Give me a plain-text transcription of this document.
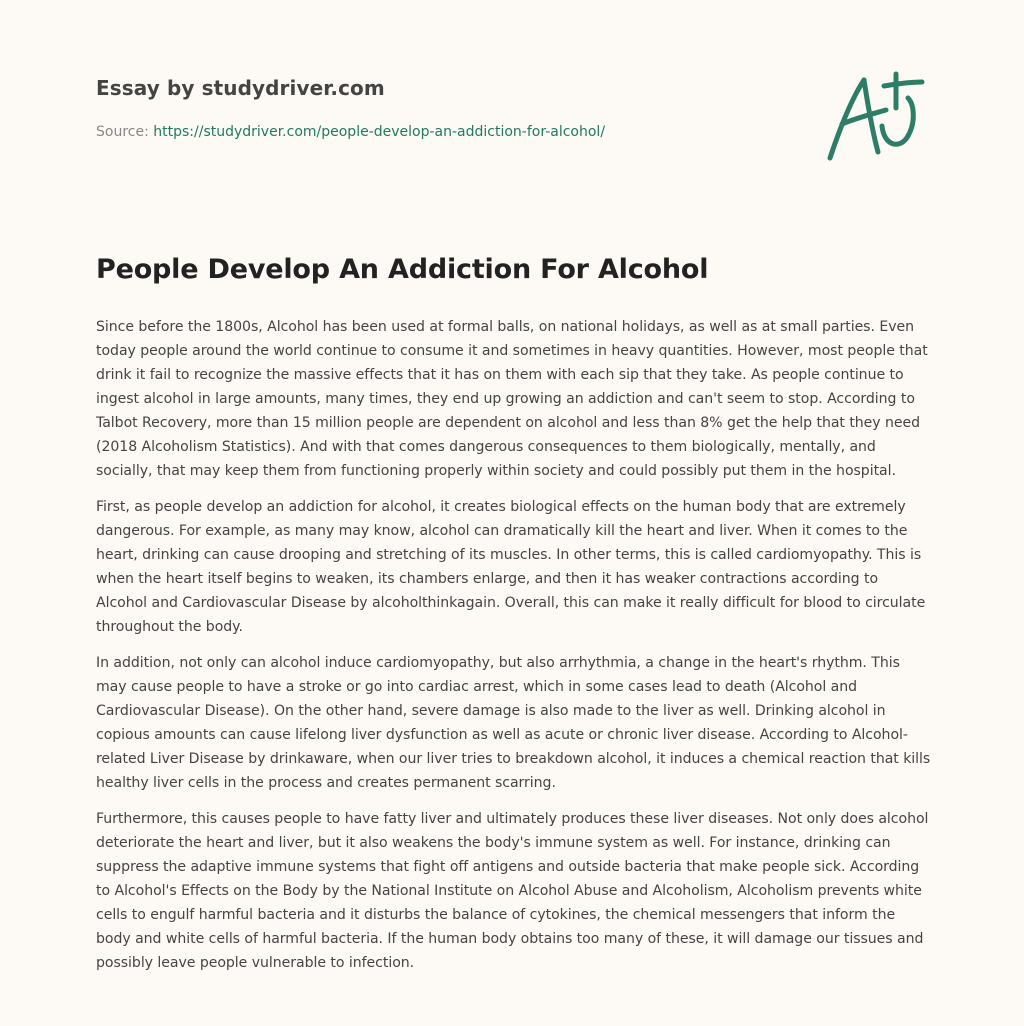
Essay by studydriver.com
Source: https://studydriver.com/people-develop-an-addiction-for-alcohol/
People Develop An Addiction For Alcohol

Since before the 1800s, Alcohol has been used at formal balls, on national holidays, as well as at small parties. Even today people around the world continue to consume it and sometimes in heavy quantities. However, most people that drink it fail to recognize the massive effects that it has on them with each sip that they take. As people continue to ingest alcohol in large amounts, many times, they end up growing an addiction and can't seem to stop. According to Talbot Recovery, more than 15 million people are dependent on alcohol and less than 8% get the help that they need (2018 Alcoholism Statistics). And with that comes dangerous consequences to them biologically, mentally, and socially, that may keep them from functioning properly within society and could possibly put them in the hospital.

First, as people develop an addiction for alcohol, it creates biological effects on the human body that are extremely dangerous. For example, as many may know, alcohol can dramatically kill the heart and liver. When it comes to the heart, drinking can cause drooping and stretching of its muscles. In other terms, this is called cardiomyopathy. This is when the heart itself begins to weaken, its chambers enlarge, and then it has weaker contractions according to Alcohol and Cardiovascular Disease by alcoholthinkagain. Overall, this can make it really difficult for blood to circulate throughout the body.

In addition, not only can alcohol induce cardiomyopathy, but also arrhythmia, a change in the heart's rhythm. This may cause people to have a stroke or go into cardiac arrest, which in some cases lead to death (Alcohol and Cardiovascular Disease). On the other hand, severe damage is also made to the liver as well. Drinking alcohol in copious amounts can cause lifelong liver dysfunction as well as acute or chronic liver disease. According to Alcohol-related Liver Disease by drinkaware, when our liver tries to breakdown alcohol, it induces a chemical reaction that kills healthy liver cells in the process and creates permanent scarring.

Furthermore, this causes people to have fatty liver and ultimately produces these liver diseases. Not only does alcohol deteriorate the heart and liver, but it also weakens the body's immune system as well. For instance, drinking can suppress the adaptive immune systems that fight off antigens and outside bacteria that make people sick. According to Alcohol's Effects on the Body by the National Institute on Alcohol Abuse and Alcoholism, Alcoholism prevents white cells to engulf harmful bacteria and it disturbs the balance of cytokines, the chemical messengers that inform the body and white cells of harmful bacteria. If the human body obtains too many of these, it will damage our tissues and possibly leave people vulnerable to infection.
